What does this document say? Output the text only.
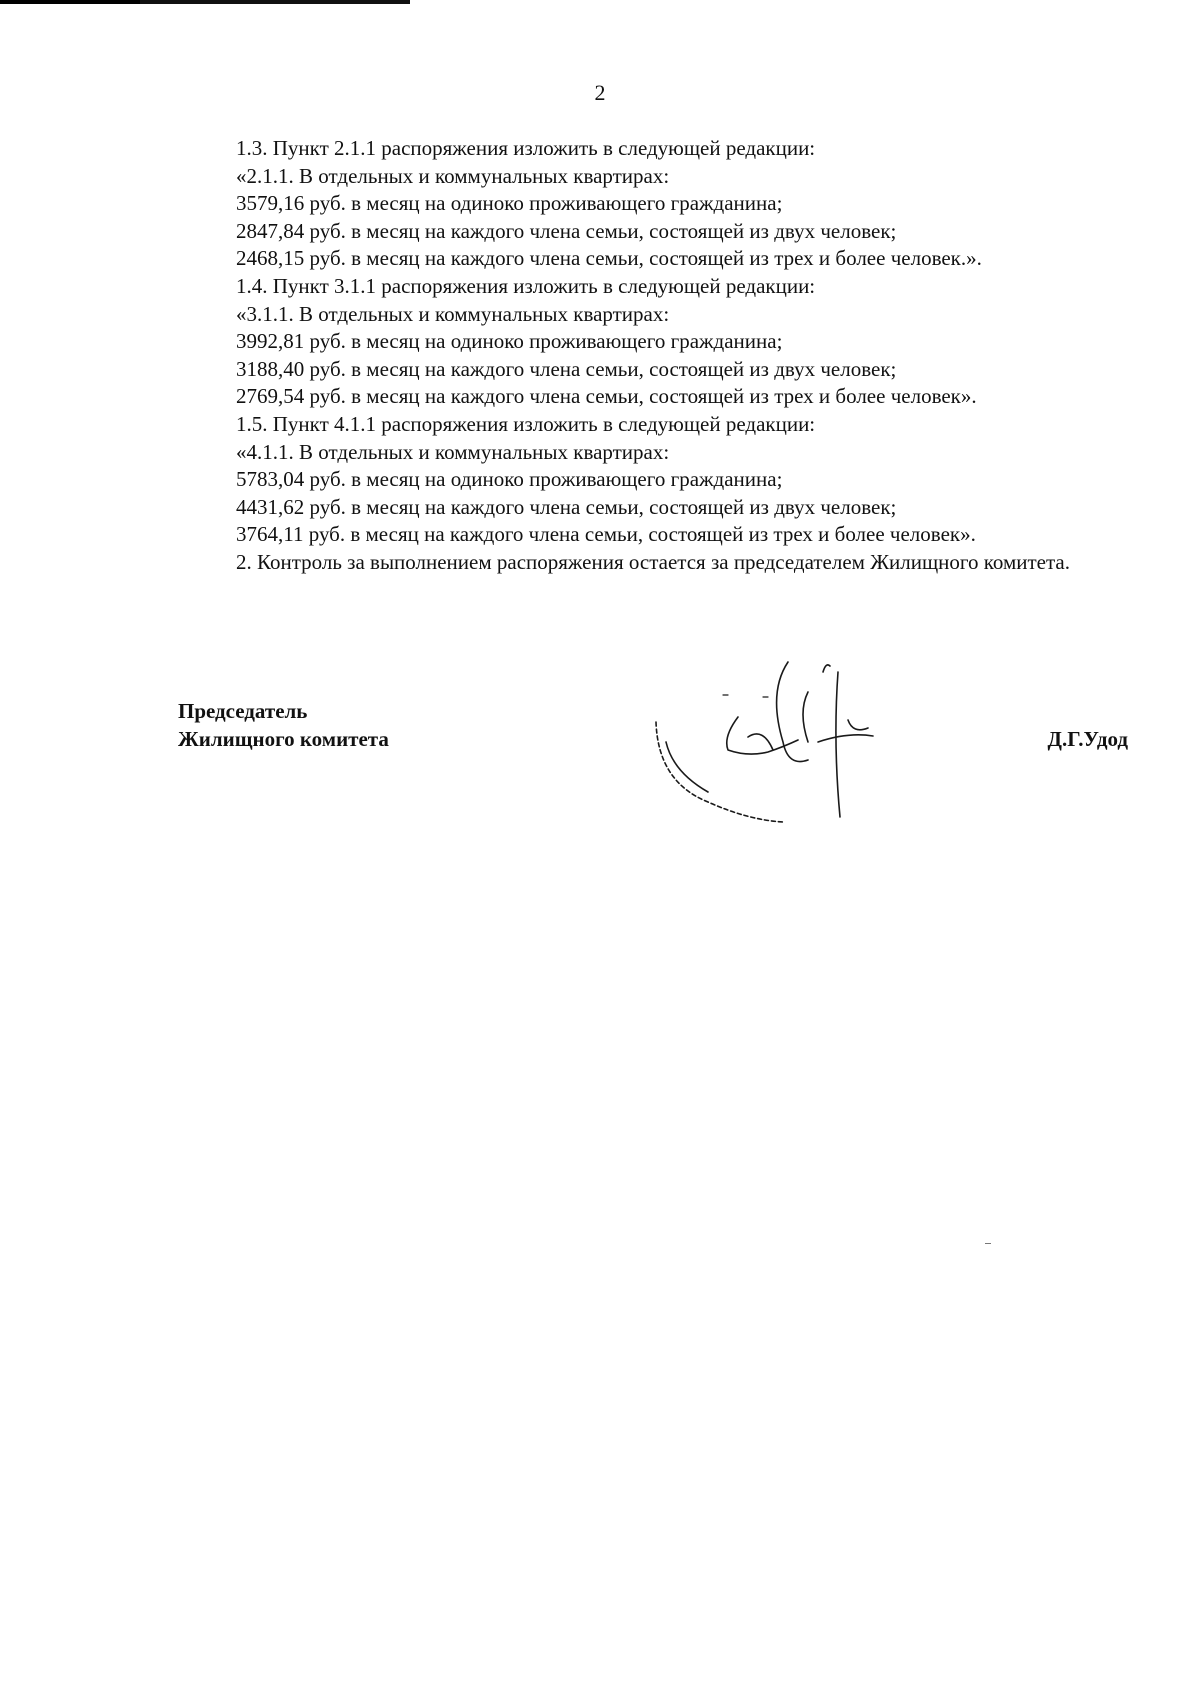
2
1.3. Пункт 2.1.1 распоряжения изложить в следующей редакции:
«2.1.1. В отдельных и коммунальных квартирах:
3579,16 руб. в месяц на одиноко проживающего гражданина;
2847,84 руб. в месяц на каждого члена семьи, состоящей из двух человек;
2468,15 руб. в месяц на каждого члена семьи, состоящей из трех и более человек.».
1.4. Пункт 3.1.1 распоряжения изложить в следующей редакции:
«3.1.1. В отдельных и коммунальных квартирах:
3992,81 руб. в месяц на одиноко проживающего гражданина;
3188,40 руб. в месяц на каждого члена семьи, состоящей из двух человек;
2769,54 руб. в месяц на каждого члена семьи, состоящей из трех и более человек».
1.5. Пункт 4.1.1 распоряжения изложить в следующей редакции:
«4.1.1. В отдельных и коммунальных квартирах:
5783,04 руб. в месяц на одиноко проживающего гражданина;
4431,62 руб. в месяц на каждого члена семьи, состоящей из двух человек;
3764,11 руб. в месяц на каждого члена семьи, состоящей из трех и более человек».
2. Контроль за выполнением распоряжения остается за председателем Жилищного комитета.
Председатель
Жилищного комитета	Д.Г.Удод
